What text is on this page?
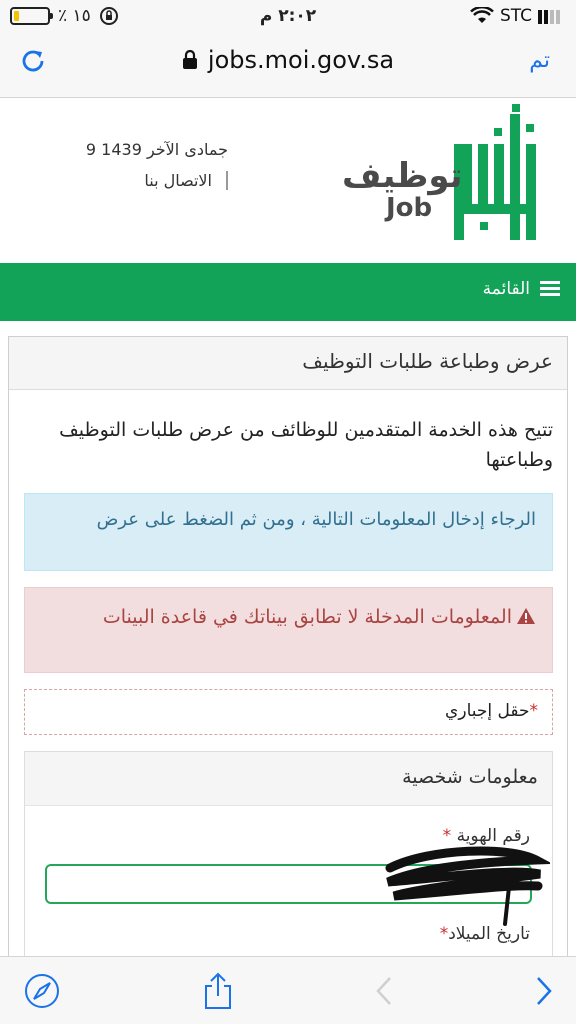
٪ ١٥	٢:٠٢ م	STC
تم
jobs.moi.gov.sa
توظيف
Job
9 جمادى الآخر 1439
الاتصال بنا
القائمة
عرض وطباعة طلبات التوظيف
تتيح هذه الخدمة المتقدمين للوظائف من عرض طلبات التوظيف وطباعتها
الرجاء إدخال المعلومات التالية ، ومن ثم الضغط على عرض
المعلومات المدخلة لا تطابق بيناتك في قاعدة البينات
*حقل إجباري
معلومات شخصية
رقم الهوية *
تاريخ الميلاد*
